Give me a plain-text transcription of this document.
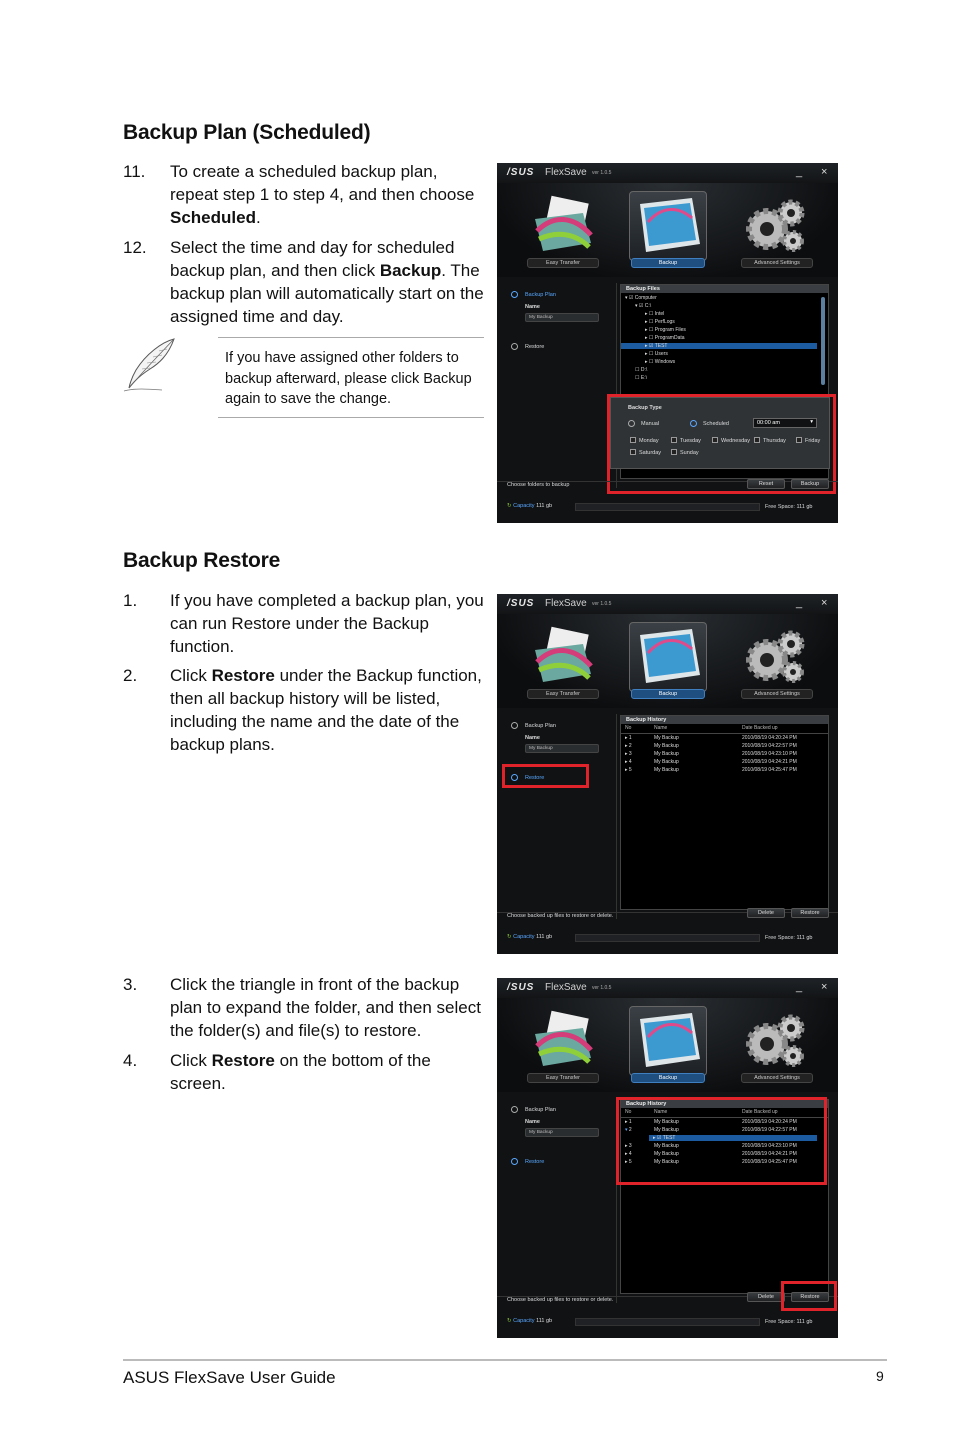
Backup Plan (Scheduled)
11. To create a scheduled backup plan, repeat step 1 to step 4, and then choose Scheduled.
12. Select the time and day for scheduled backup plan, and then click Backup. The backup plan will automatically start on the assigned time and day.
If you have assigned other folders to backup afterward, please click Backup again to save the change.
/SUS FlexSave ver 1.0.5	_ ×
Easy Transfer	Backup	Advanced Settings
Backup Plan
Name
My Backup
Restore
Backup Files
▾ ☑ Computer
▾ ☑ C:\
▸ ☐ Intel
▸ ☐ PerfLogs
▸ ☐ Program Files
▸ ☐ ProgramData
▸ ☑ TEST
▸ ☐ Users
▸ ☐ Windows
☐ D:\
☐ E:\
Backup Type
Manual	Scheduled	00:00 am	▾
Monday	Tuesday	Wednesday Thursday	Friday
Saturday	Sunday
Choose folders to backup	Reset	Backup
↻ Capacity 111 gb	Free Space: 111 gb
Backup Restore
1. If you have completed a backup plan, you can run Restore under the Backup function.
2. Click Restore under the Backup function, then all backup history will be listed, including the name and the date of the backup plans.
/SUS FlexSave ver 1.0.5	_ ×
Easy Transfer	Backup	Advanced Settings
Backup Plan
Name
My Backup
Restore
Backup History
No	Name	Date Backed up
▸ 1	My Backup	2010/08/19 04:20:24 PM
▸ 2	My Backup	2010/08/19 04:22:57 PM
▸ 3	My Backup	2010/08/19 04:23:10 PM
▸ 4	My Backup	2010/08/19 04:24:21 PM
▸ 5	My Backup	2010/08/19 04:25:47 PM
Choose backed up files to restore or delete.	Delete	Restore
↻ Capacity 111 gb	Free Space: 111 gb
3. Click the triangle in front of the backup plan to expand the folder, and then select the folder(s) and file(s) to restore.
4. Click Restore on the bottom of the screen.
/SUS FlexSave ver 1.0.5	_ ×
Easy Transfer	Backup	Advanced Settings
Backup Plan
Name
My Backup
Restore
Backup History
No	Name	Date Backed up
▸ 1	My Backup	2010/08/19 04:20:24 PM
▾ 2	My Backup	2010/08/19 04:22:57 PM
▸ ☑ TEST
▸ 3	My Backup	2010/08/19 04:23:10 PM
▸ 4	My Backup	2010/08/19 04:24:21 PM
▸ 5	My Backup	2010/08/19 04:25:47 PM
Choose backed up files to restore or delete.	Delete	Restore
↻ Capacity 111 gb	Free Space: 111 gb
ASUS FlexSave User Guide	9
